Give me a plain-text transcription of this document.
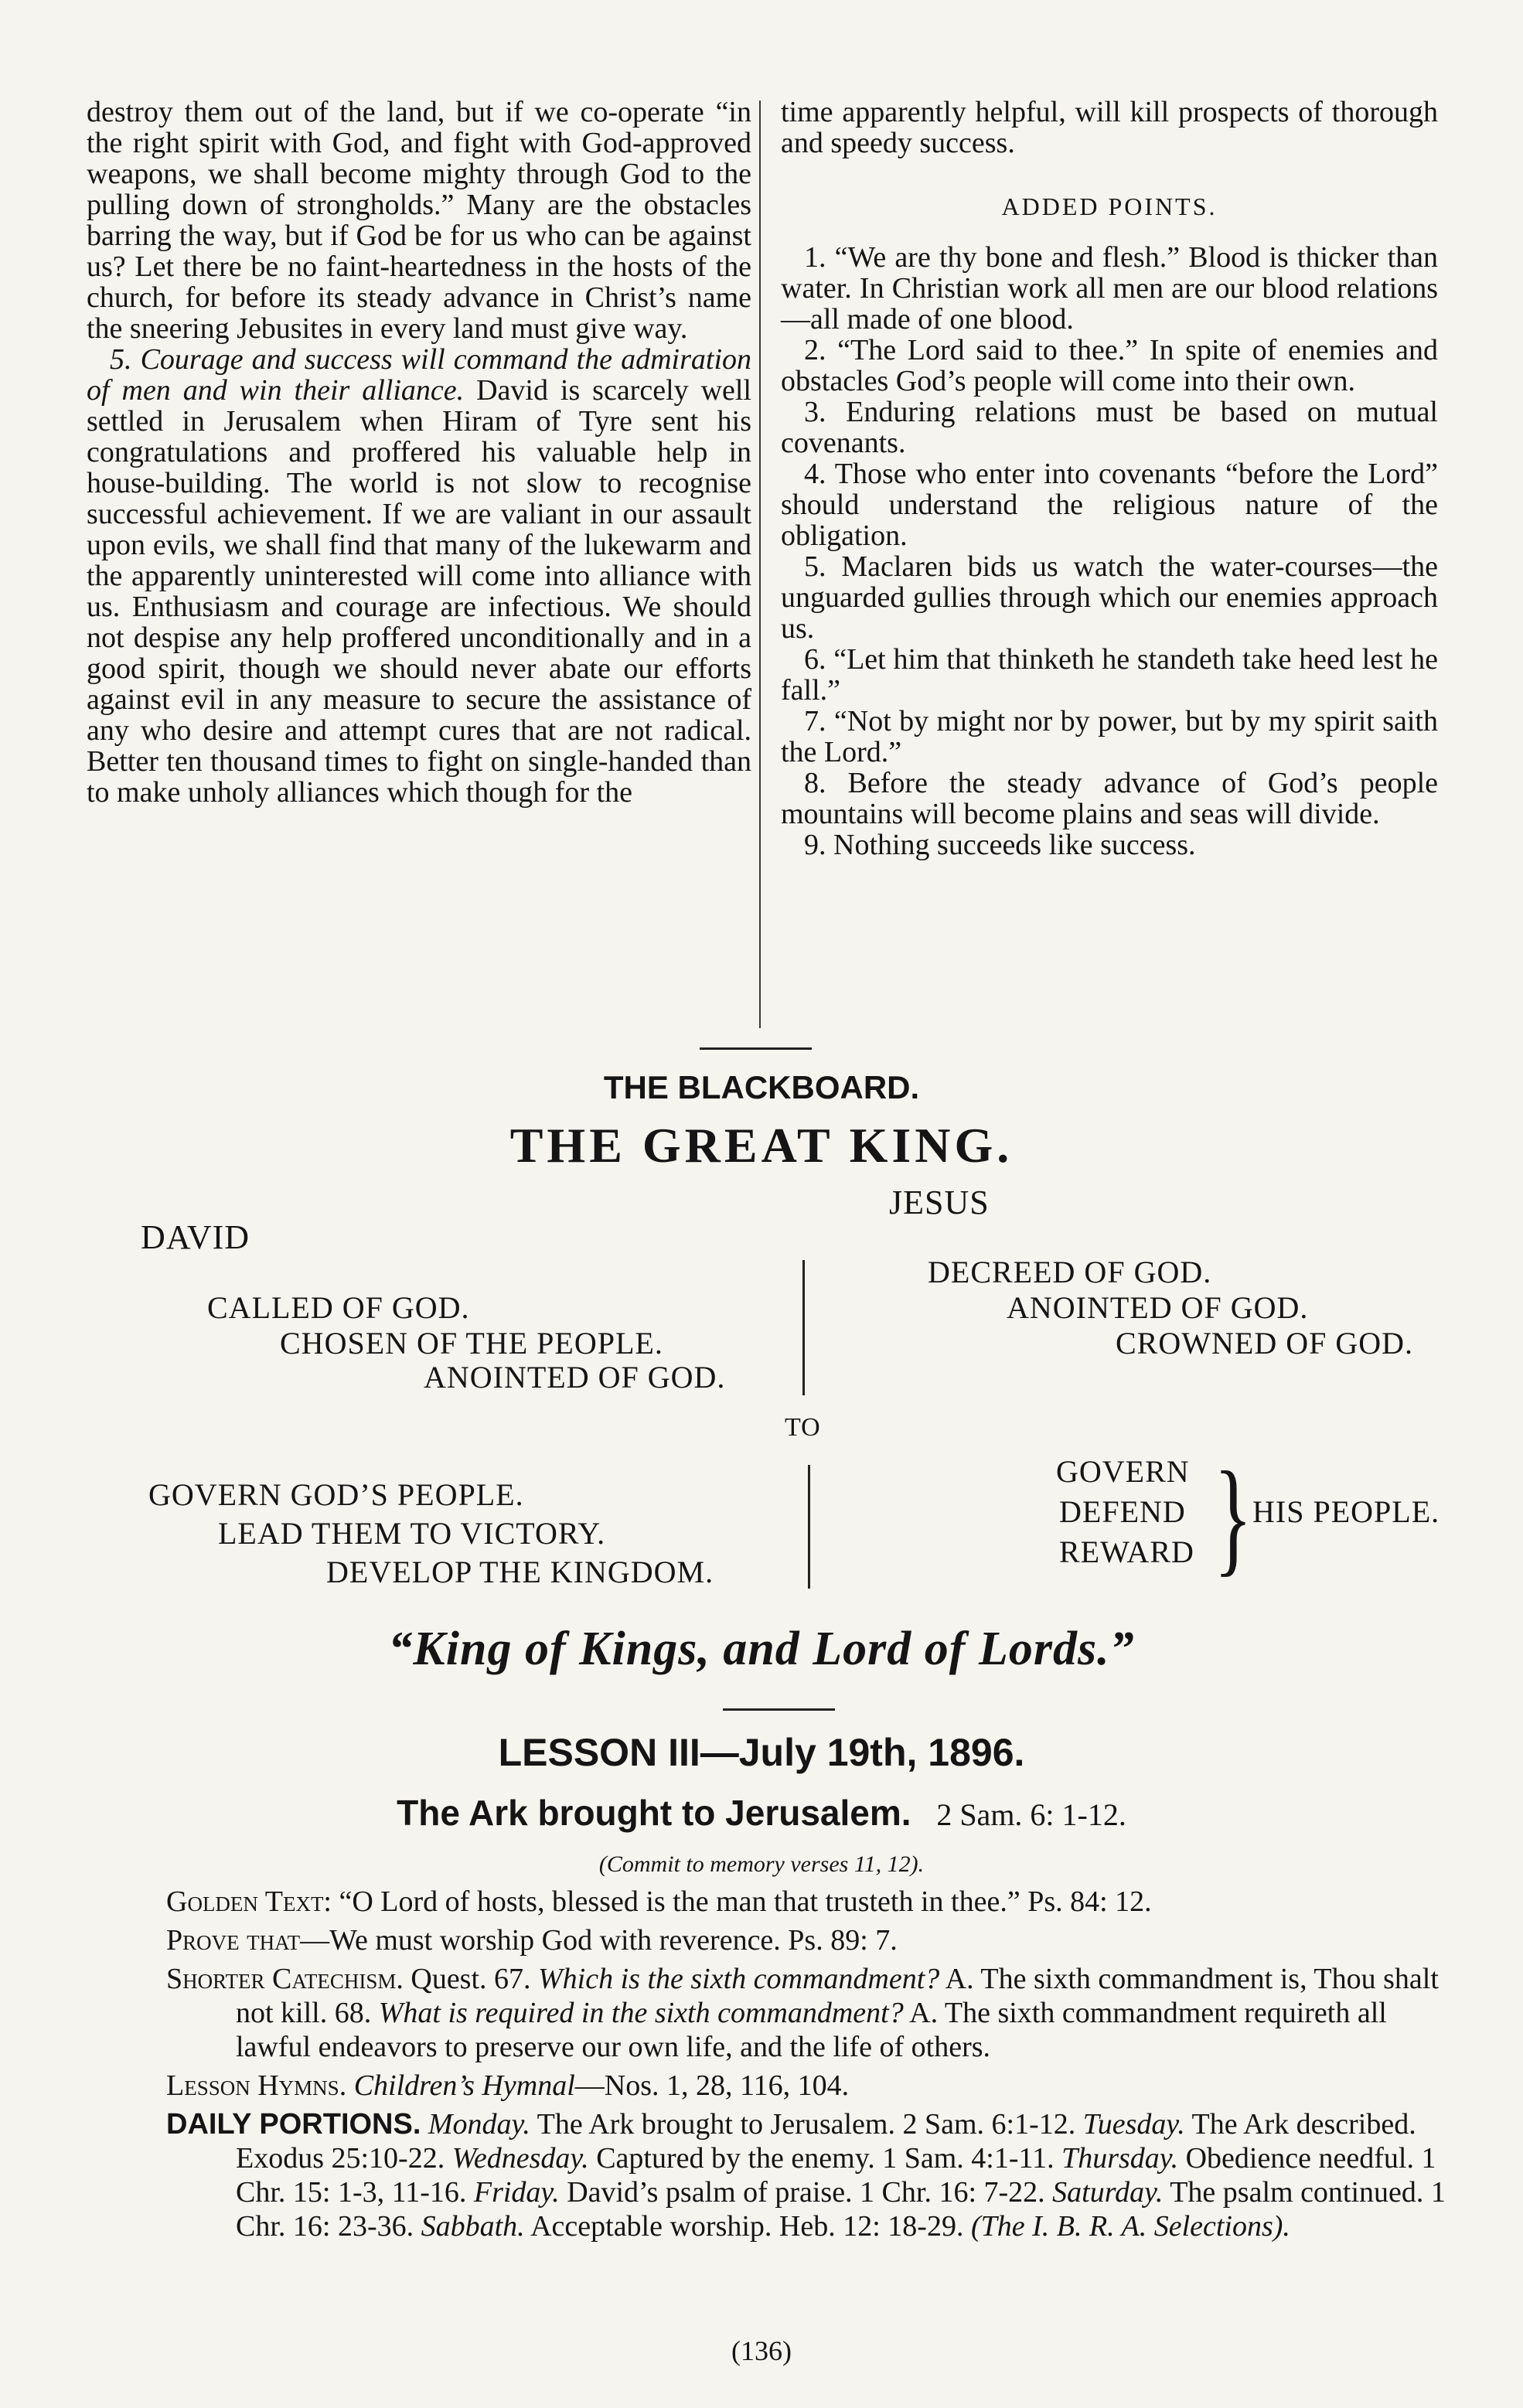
destroy them out of the land, but if we co-operate “in the right spirit with God, and fight with God-approved weapons, we shall become mighty through God to the pulling down of strongholds.” Many are the obstacles barring the way, but if God be for us who can be against us? Let there be no faint-heartedness in the hosts of the church, for before its steady advance in Christ’s name the sneering Jebusites in every land must give way.

5. Courage and success will command the admiration of men and win their alliance. David is scarcely well settled in Jerusalem when Hiram of Tyre sent his congratulations and proffered his valuable help in house-building. The world is not slow to recognise successful achievement. If we are valiant in our assault upon evils, we shall find that many of the lukewarm and the apparently uninterested will come into alliance with us. Enthusiasm and courage are infectious. We should not despise any help proffered unconditionally and in a good spirit, though we should never abate our efforts against evil in any measure to secure the assistance of any who desire and attempt cures that are not radical. Better ten thousand times to fight on single-handed than to make unholy alliances which though for the

time apparently helpful, will kill prospects of thorough and speedy success.

ADDED POINTS.

1. “We are thy bone and flesh.” Blood is thicker than water. In Christian work all men are our blood relations—all made of one blood.

2. “The Lord said to thee.” In spite of enemies and obstacles God’s people will come into their own.

3. Enduring relations must be based on mutual covenants.

4. Those who enter into covenants “before the Lord” should understand the religious nature of the obligation.

5. Maclaren bids us watch the water-courses—the unguarded gullies through which our enemies approach us.

6. “Let him that thinketh he standeth take heed lest he fall.”

7. “Not by might nor by power, but by my spirit saith the Lord.”

8. Before the steady advance of God’s people mountains will become plains and seas will divide.

9. Nothing succeeds like success.

THE BLACKBOARD.
THE GREAT KING.
DAVID
JESUS
CALLED OF GOD.
CHOSEN OF THE PEOPLE.
ANOINTED OF GOD.
DECREED OF GOD.
ANOINTED OF GOD.
CROWNED OF GOD.
TO
GOVERN GOD’S PEOPLE.
LEAD THEM TO VICTORY.
DEVELOP THE KINGDOM.
GOVERN
DEFEND
REWARD } HIS PEOPLE.
“King of Kings, and Lord of Lords.”
LESSON III—July 19th, 1896.
The Ark brought to Jerusalem. 2 Sam. 6: 1-12.
(Commit to memory verses 11, 12).

Golden Text: “O Lord of hosts, blessed is the man that trusteth in thee.” Ps. 84: 12.

Prove that—We must worship God with reverence. Ps. 89: 7.

Shorter Catechism. Quest. 67. Which is the sixth commandment? A. The sixth commandment is, Thou shalt not kill. 68. What is required in the sixth commandment? A. The sixth commandment requireth all lawful endeavors to preserve our own life, and the life of others.

Lesson Hymns. Children’s Hymnal—Nos. 1, 28, 116, 104.

DAILY PORTIONS. Monday. The Ark brought to Jerusalem. 2 Sam. 6:1-12. Tuesday. The Ark described. Exodus 25:10-22. Wednesday. Captured by the enemy. 1 Sam. 4:1-11. Thursday. Obedience needful. 1 Chr. 15: 1-3, 11-16. Friday. David’s psalm of praise. 1 Chr. 16: 7-22. Saturday. The psalm continued. 1 Chr. 16: 23-36. Sabbath. Acceptable worship. Heb. 12: 18-29. (The I. B. R. A. Selections).

(136)
